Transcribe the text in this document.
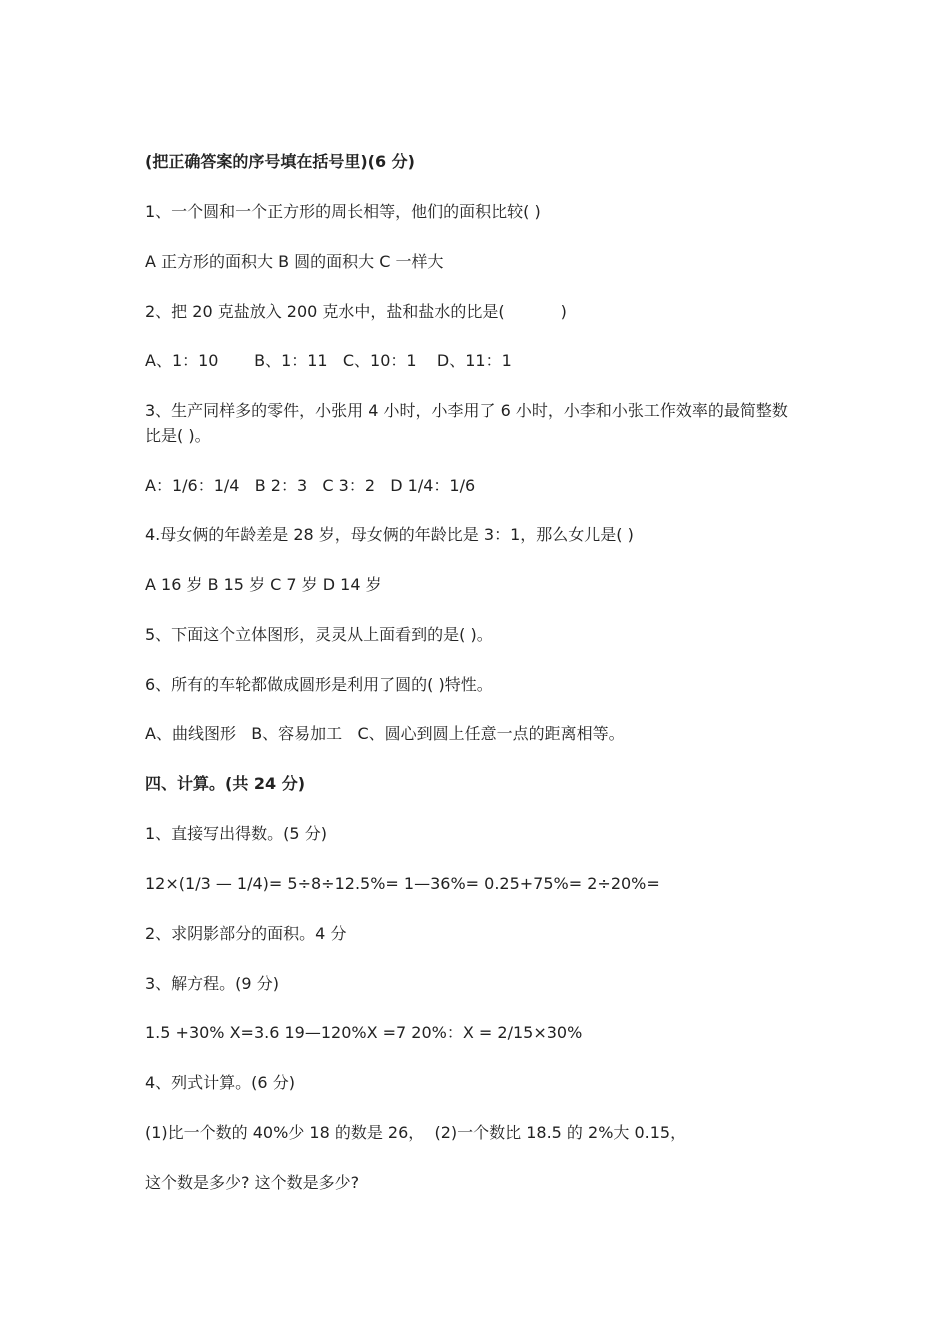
(把正确答案的序号填在括号里)(6 分)
1、一个圆和一个正方形的周长相等，他们的面积比较( )
A 正方形的面积大 B 圆的面积大 C 一样大
2、把 20 克盐放入 200 克水中，盐和盐水的比是(           )
A、1：10       B、1：11   C、10：1    D、11：1
3、生产同样多的零件，小张用 4 小时，小李用了 6 小时，小李和小张工作效率的最简整数
比是( )。
A：1/6：1/4   B 2：3   C 3：2   D 1/4：1/6
4.母女俩的年龄差是 28 岁，母女俩的年龄比是 3：1，那么女儿是( )
A 16 岁 B 15 岁 C 7 岁 D 14 岁
5、下面这个立体图形，灵灵从上面看到的是( )。
6、所有的车轮都做成圆形是利用了圆的( )特性。
A、曲线图形   B、容易加工   C、圆心到圆上任意一点的距离相等。
四、计算。(共 24 分)
1、直接写出得数。(5 分)
12×(1/3 — 1/4)= 5÷8÷12.5%= 1—36%= 0.25+75%= 2÷20%=
2、求阴影部分的面积。4 分
3、解方程。(9 分)
1.5 +30% X=3.6 19—120%X =7 20%：X = 2/15×30%
4、列式计算。(6 分)
(1)比一个数的 40%少 18 的数是 26，  (2)一个数比 18.5 的 2%大 0.15，
这个数是多少? 这个数是多少?
